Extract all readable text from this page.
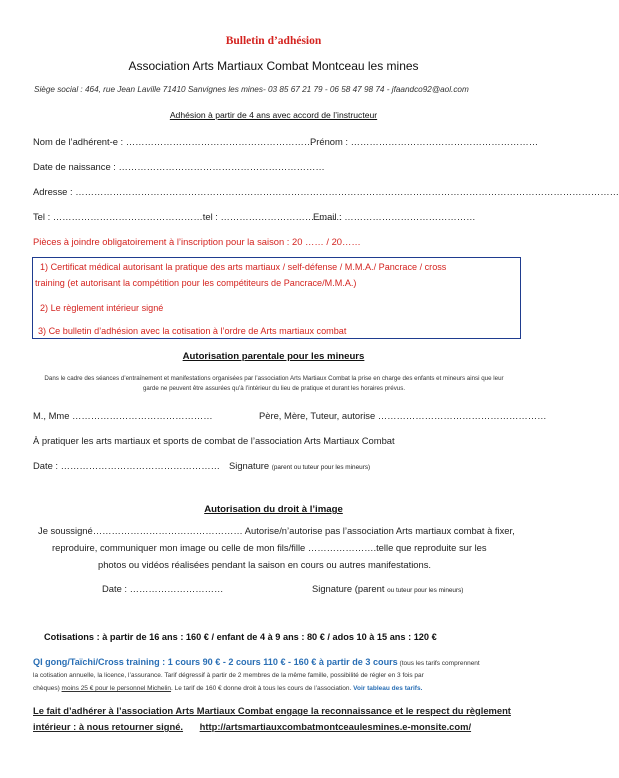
Bulletin d’adhésion
Association Arts Martiaux Combat Montceau les mines
Siège social : 464, rue Jean Laville 71410 Sanvignes les mines- 03 85 67 21 79 - 06 58 47 98 74 - jfaandco92@aol.com
Adhésion à partir de 4 ans avec accord de l’instructeur
Nom de l’adhérent-e : ……………………………………………………
Prénom : ……………………………………………………
Date de naissance : …………………………………………………………
Adresse : …………………………………………………………………………………………………………………………………………………………
Tel : …………………………………………tel : …………………………………
Email : ……………………………………
Pièces à joindre obligatoirement à l’inscription pour la saison : 20 …… / 20……
1) Certificat médical autorisant la pratique des arts martiaux / self-défense / M.M.A./ Pancrace / cross
training (et autorisant la compétition pour les compétiteurs de Pancrace/M.M.A.)
2) Le règlement intérieur signé
3) Ce bulletin d’adhésion avec la cotisation à l’ordre de Arts martiaux combat
Autorisation parentale pour les mineurs
Dans le cadre des séances d’entraînement et manifestations organisées par l’association Arts Martiaux Combat la prise en charge des enfants et mineurs ainsi que leur garde ne peuvent être assurées qu’à l’intérieur du lieu de pratique et durant les horaires prévus.
M., Mme ………………………………………	Père, Mère, Tuteur, autorise ………………………………………………
À pratiquer les arts martiaux et sports de combat de l’association Arts Martiaux Combat
Date : …………………………………………… Signature (parent ou tuteur pour les mineurs)
Autorisation du droit à l’image
Je soussigné………………………………………… Autorise/n’autorise pas l’association Arts martiaux combat à fixer,
reproduire, communiquer mon image ou celle de mon fils/fille ………………….telle que reproduite sur les
photos ou vidéos réalisées pendant la saison en cours ou autres manifestations.
Date : …………………………	Signature (parent ou tuteur pour les mineurs)
Cotisations : à partir de 16 ans : 160 € / enfant de 4 à 9 ans : 80 € / ados 10 à 15 ans : 120 €
QI gong/Taïchi/Cross training : 1 cours 90 € - 2 cours 110 € - 160 € à partir de 3 cours (tous les tarifs comprennent
la cotisation annuelle, la licence, l’assurance. Tarif dégressif à partir de 2 membres de la même famille, possibilité de régler en 3 fois par
chèques) moins 25 € pour le personnel Michelin. Le tarif de 160 € donne droit à tous les cours de l’association. Voir tableau des tarifs.
Le fait d’adhérer à l’association Arts Martiaux Combat engage la reconnaissance et le respect du règlement
intérieur : à nous retourner signé. http://artsmartiauxcombatmontceaulesmines.e-monsite.com/
